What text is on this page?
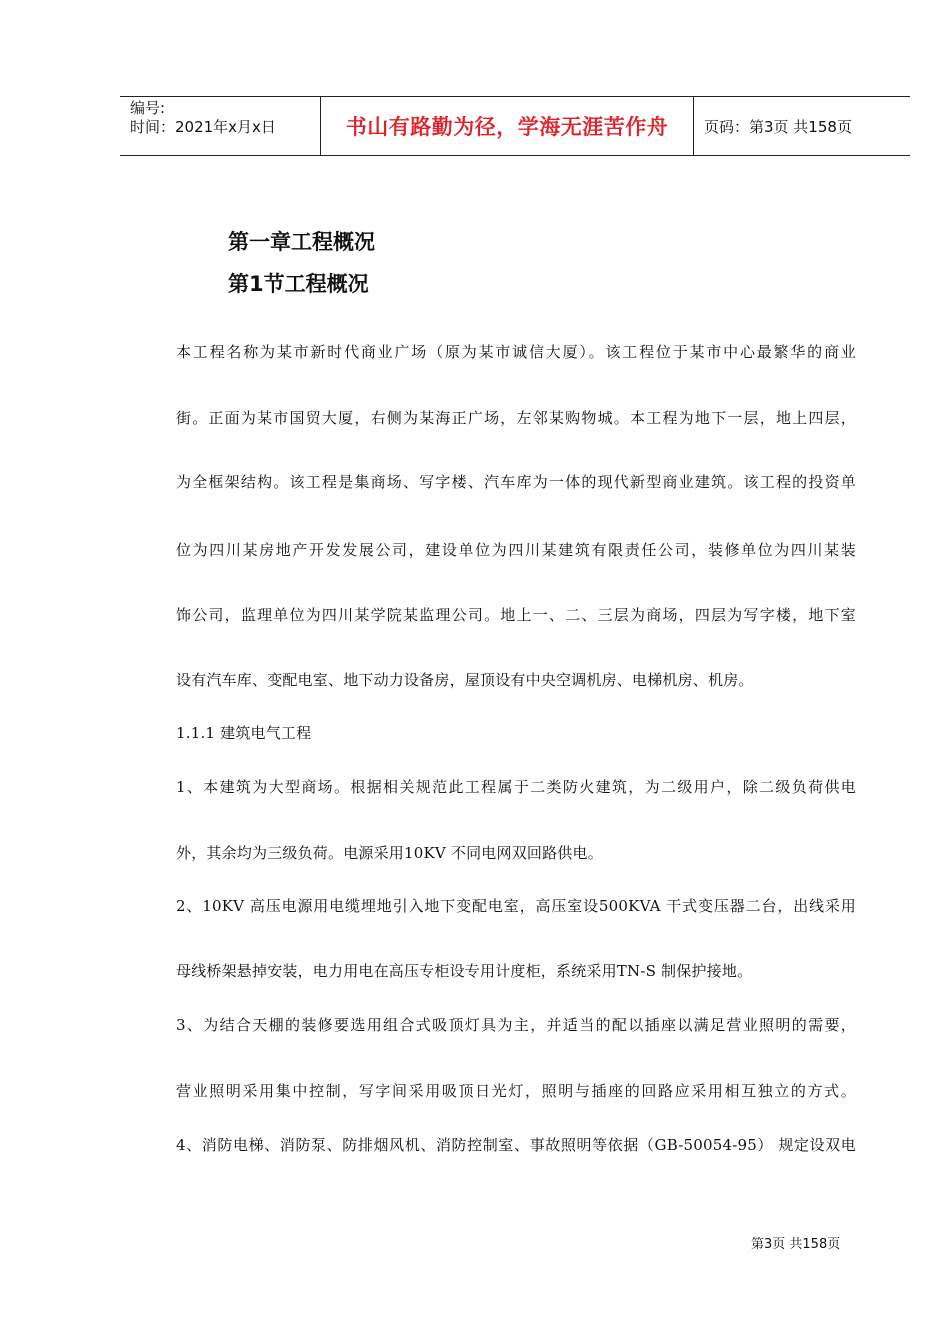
编号:
时间：2021年x月x日	书山有路勤为径，学海无涯苦作舟	页码：第3页 共158页
第一章工程概况
第1节工程概况
本工程名称为某市新时代商业广场（原为某市诚信大厦）。该工程位于某市中心最繁华的商业
街。正面为某市国贸大厦，右侧为某海正广场，左邻某购物城。本工程为地下一层，地上四层，
为全框架结构。该工程是集商场、写字楼、汽车库为一体的现代新型商业建筑。该工程的投资单
位为四川某房地产开发发展公司，建设单位为四川某建筑有限责任公司，装修单位为四川某装
饰公司，监理单位为四川某学院某监理公司。地上一、二、三层为商场，四层为写字楼，地下室
设有汽车库、变配电室、地下动力设备房，屋顶设有中央空调机房、电梯机房、机房。
1.1.1 建筑电气工程
1、本建筑为大型商场。根据相关规范此工程属于二类防火建筑，为二级用户，除二级负荷供电
外，其余均为三级负荷。电源采用10KV 不同电网双回路供电。
2、10KV 高压电源用电缆埋地引入地下变配电室，高压室设500KVA 干式变压器二台，出线采用
母线桥架悬掉安装，电力用电在高压专柜设专用计度柜，系统采用TN-S 制保护接地。
3、为结合天棚的装修要选用组合式吸顶灯具为主，并适当的配以插座以满足营业照明的需要，
营业照明采用集中控制，写字间采用吸顶日光灯，照明与插座的回路应采用相互独立的方式。
4、消防电梯、消防泵、防排烟风机、消防控制室、事故照明等依据（GB-50054-95） 规定设双电
第3页 共158页
